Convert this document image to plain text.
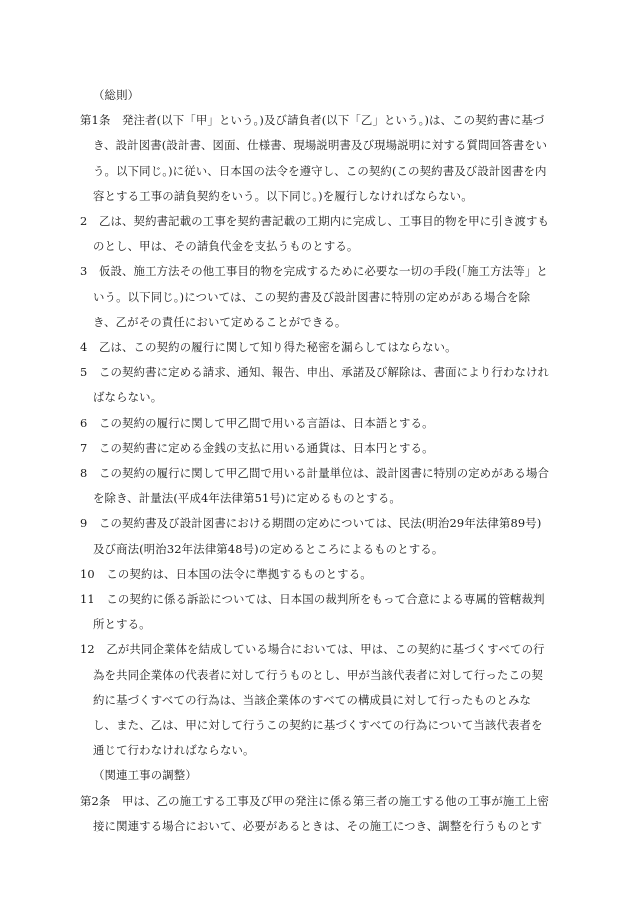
（総則）

第1条　発注者(以下「甲」という。)及び請負者(以下「乙」という。)は、この契約書に基づき、設計図書(設計書、図面、仕様書、現場説明書及び現場説明に対する質問回答書をいう。以下同じ。)に従い、日本国の法令を遵守し、この契約(この契約書及び設計図書を内容とする工事の請負契約をいう。以下同じ。)を履行しなければならない。

2　乙は、契約書記載の工事を契約書記載の工期内に完成し、工事目的物を甲に引き渡すものとし、甲は、その請負代金を支払うものとする。

3　仮設、施工方法その他工事目的物を完成するために必要な一切の手段(「施工方法等」という。以下同じ。)については、この契約書及び設計図書に特別の定めがある場合を除き、乙がその責任において定めることができる。

4　乙は、この契約の履行に関して知り得た秘密を漏らしてはならない。

5　この契約書に定める請求、通知、報告、申出、承諾及び解除は、書面により行わなければならない。

6　この契約の履行に関して甲乙間で用いる言語は、日本語とする。

7　この契約書に定める金銭の支払に用いる通貨は、日本円とする。

8　この契約の履行に関して甲乙間で用いる計量単位は、設計図書に特別の定めがある場合を除き、計量法(平成4年法律第51号)に定めるものとする。

9　この契約書及び設計図書における期間の定めについては、民法(明治29年法律第89号)及び商法(明治32年法律第48号)の定めるところによるものとする。

10　この契約は、日本国の法令に準拠するものとする。

11　この契約に係る訴訟については、日本国の裁判所をもって合意による専属的管轄裁判所とする。

12　乙が共同企業体を結成している場合においては、甲は、この契約に基づくすべての行為を共同企業体の代表者に対して行うものとし、甲が当該代表者に対して行ったこの契約に基づくすべての行為は、当該企業体のすべての構成員に対して行ったものとみなし、また、乙は、甲に対して行うこの契約に基づくすべての行為について当該代表者を通じて行わなければならない。

（関連工事の調整）

第2条　甲は、乙の施工する工事及び甲の発注に係る第三者の施工する他の工事が施工上密接に関連する場合において、必要があるときは、その施工につき、調整を行うものとす
